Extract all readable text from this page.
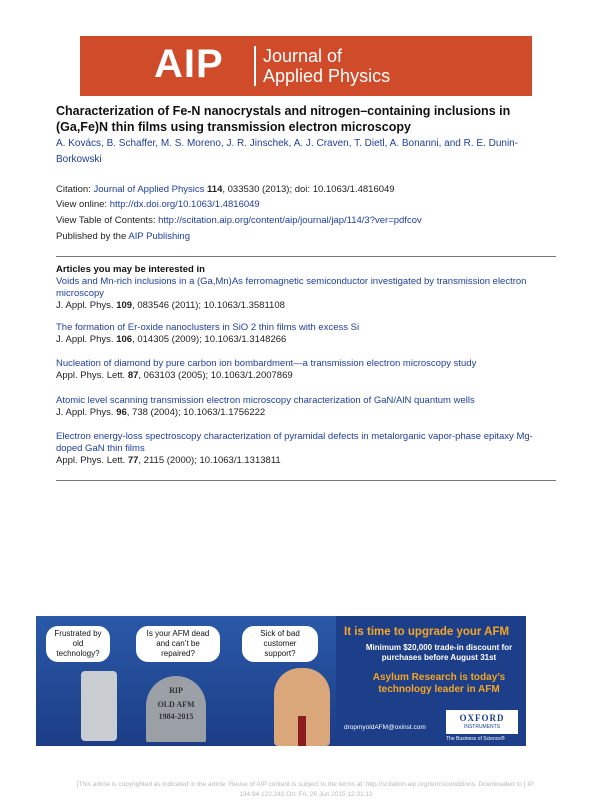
AIP Journal of
Applied Physics
Characterization of Fe-N nanocrystals and nitrogen–containing inclusions in (Ga,Fe)N thin films using transmission electron microscopy
A. Kovács, B. Schaffer, M. S. Moreno, J. R. Jinschek, A. J. Craven, T. Dietl, A. Bonanni, and R. E. Dunin-Borkowski
Citation: Journal of Applied Physics 114, 033530 (2013); doi: 10.1063/1.4816049
View online: http://dx.doi.org/10.1063/1.4816049
View Table of Contents: http://scitation.aip.org/content/aip/journal/jap/114/3?ver=pdfcov
Published by the AIP Publishing
Articles you may be interested in
Voids and Mn-rich inclusions in a (Ga,Mn)As ferromagnetic semiconductor investigated by transmission electron microscopy
J. Appl. Phys. 109, 083546 (2011); 10.1063/1.3581108
The formation of Er-oxide nanoclusters in SiO 2 thin films with excess Si
J. Appl. Phys. 106, 014305 (2009); 10.1063/1.3148266
Nucleation of diamond by pure carbon ion bombardment—a transmission electron microscopy study
Appl. Phys. Lett. 87, 063103 (2005); 10.1063/1.2007869
Atomic level scanning transmission electron microscopy characterization of GaN/AlN quantum wells
J. Appl. Phys. 96, 738 (2004); 10.1063/1.1756222
Electron energy-loss spectroscopy characterization of pyramidal defects in metalorganic vapor-phase epitaxy Mg-doped GaN thin films
Appl. Phys. Lett. 77, 2115 (2000); 10.1063/1.1313811
Frustrated by old technology?
Is your AFM dead and can’t be repaired?
RIP
OLD AFM
1984-2015
Sick of bad customer support?
It is time to upgrade your AFM
Minimum $20,000 trade-in discount for purchases before August 31st
Asylum Research is today’s technology leader in AFM
dropmyoldAFM@oxinst.com
OXFORD
INSTRUMENTS
The Business of Science®
[This article is copyrighted as indicated in the article. Reuse of AIP content is subject to the terms at: http://scitation.aip.org/termsconditions. Downloaded to ] IP:
134.94.122.242 On: Fri, 26 Jun 2015 12:31:13
